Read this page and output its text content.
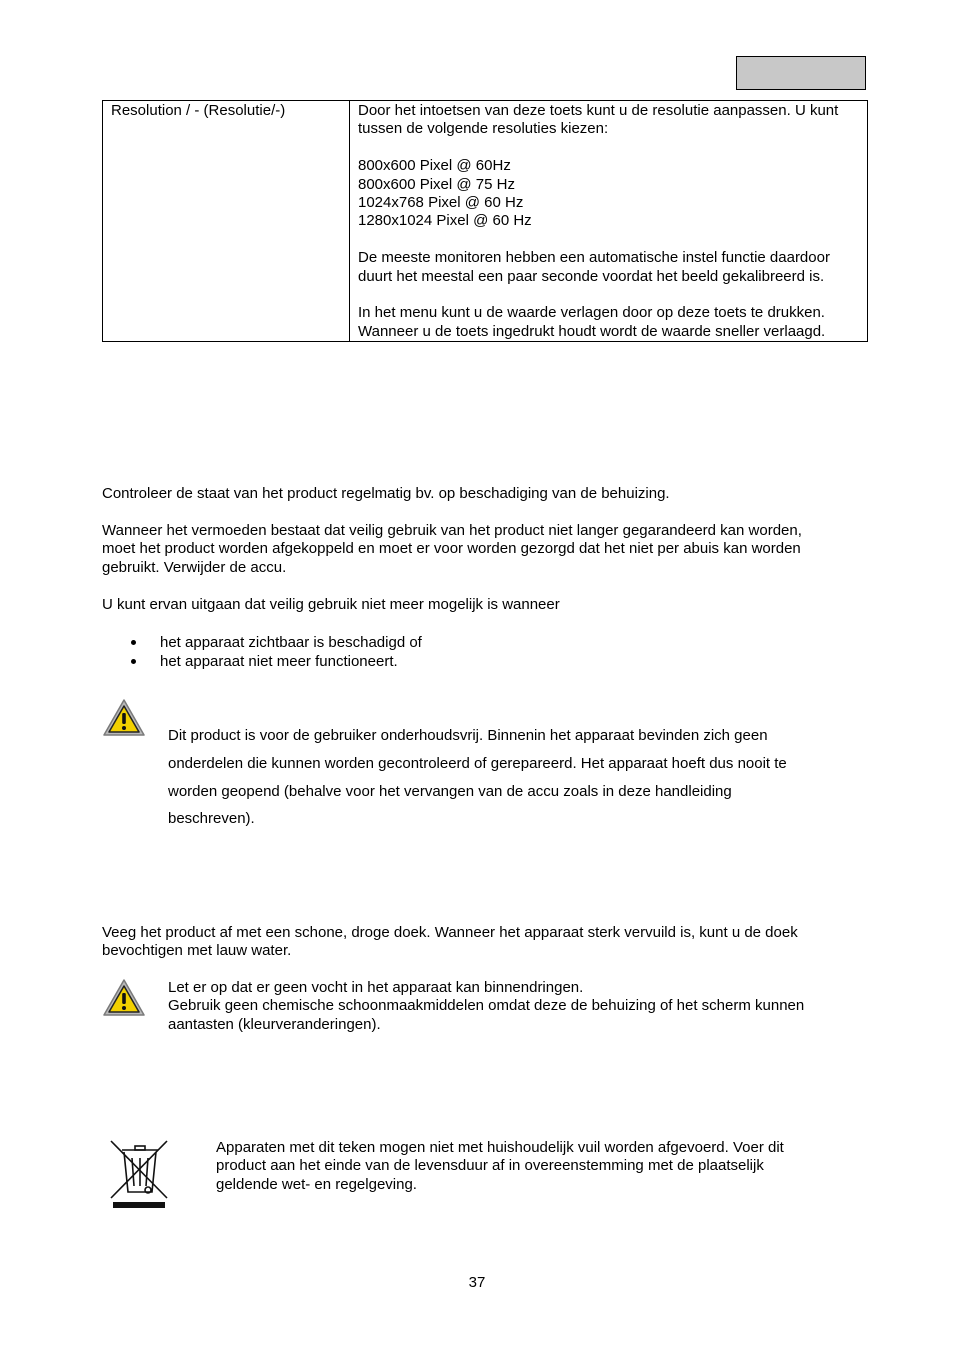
Resolution / - (Resolutie/-)	Door het intoetsen van deze toets kunt u de resolutie aanpassen. U kunt tussen de volgende resoluties kiezen:

800x600 Pixel @ 60Hz
800x600 Pixel @ 75 Hz
1024x768 Pixel @ 60 Hz
1280x1024 Pixel @ 60 Hz

De meeste monitoren hebben een automatische instel functie daardoor duurt het meestal een paar seconde voordat het beeld gekalibreerd is.

In het menu kunt u de waarde verlagen door op deze toets te drukken. Wanneer u de toets ingedrukt houdt wordt de waarde sneller verlaagd.

Controleer de staat van het product regelmatig bv. op beschadiging van de behuizing.
Wanneer het vermoeden bestaat dat veilig gebruik van het product niet langer gegarandeerd kan worden,
moet het product worden afgekoppeld en moet er voor worden gezorgd dat het niet per abuis kan worden
gebruikt. Verwijder de accu.
U kunt ervan uitgaan dat veilig gebruik niet meer mogelijk is wanneer
het apparaat zichtbaar is beschadigd of
het apparaat niet meer functioneert.
Dit product is voor de gebruiker onderhoudsvrij. Binnenin het apparaat bevinden zich geen
onderdelen die kunnen worden gecontroleerd of gerepareerd. Het apparaat hoeft dus nooit te
worden geopend (behalve voor het vervangen van de accu zoals in deze handleiding
beschreven).
Veeg het product af met een schone, droge doek. Wanneer het apparaat sterk vervuild is, kunt u de doek
bevochtigen met lauw water.
Let er op dat er geen vocht in het apparaat kan binnendringen.
Gebruik geen chemische schoonmaakmiddelen omdat deze de behuizing of het scherm kunnen
aantasten (kleurveranderingen).
Apparaten met dit teken mogen niet met huishoudelijk vuil worden afgevoerd. Voer dit
product aan het einde van de levensduur af in overeenstemming met de plaatselijk
geldende wet- en regelgeving.
37
